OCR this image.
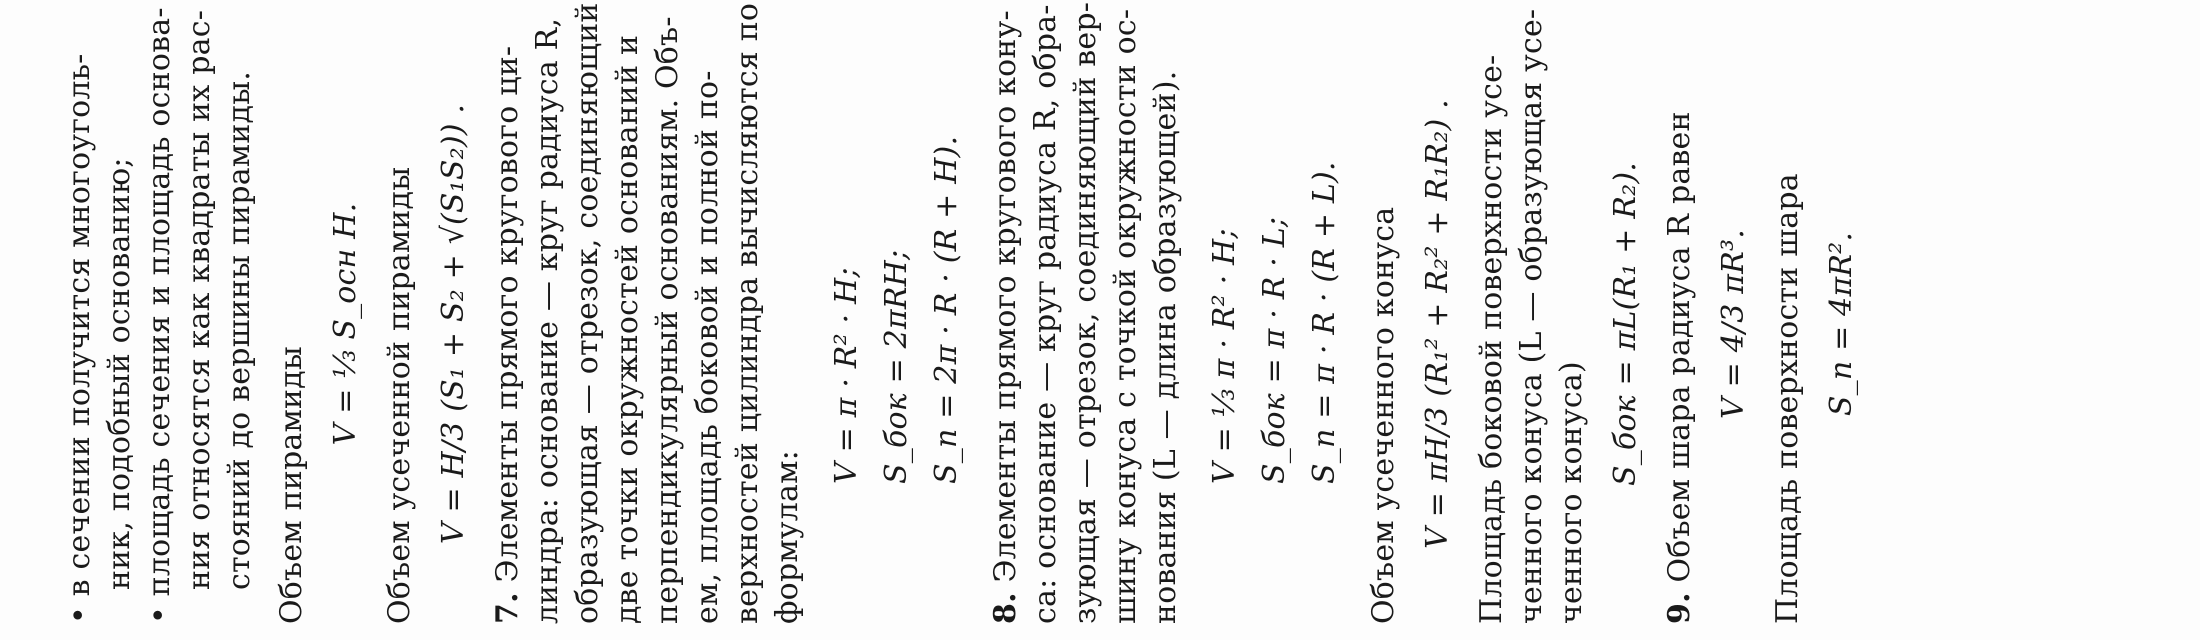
• в сечении получится многоуголь- ник, подобный основанию; • площадь сечения и площадь основа- ния относятся как квадраты их рас- стояний до вершины пирамиды. Объем пирамиды
V = ⅓ S_осн H. Объем усеченной пирамиды V = H/3 (S₁ + S₂ + √(S₁S₂)) .
7. Элементы прямого кругового ци- линдра: основание — круг радиуса R, образующая — отрезок, соединяющий две точки окружностей оснований и перпендикулярный основаниям. Объ- ем, площадь боковой и полной по- верхностей цилиндра вычисляются по формулам:
V = π · R² · H; S_бок = 2πRH; S_п = 2π · R · (R + H).
8. Элементы прямого кругового кону- са: основание — круг радиуса R, обра- зующая — отрезок, соединяющий вер- шину конуса с точкой окружности ос- нования (L — длина образующей). V = ⅓ π · R² · H; S_бок = π · R · L; S_п = π · R · (R + L). Объем усеченного конуса V = πH/3 (R₁² + R₂² + R₁R₂) . Площадь боковой поверхности усе- ченного конуса (L — образующая усе- ченного конуса)
S_бок = πL(R₁ + R₂).
9. Объем шара радиуса R равен V = 4/3 πR³. Площадь поверхности шара S_п = 4πR².
